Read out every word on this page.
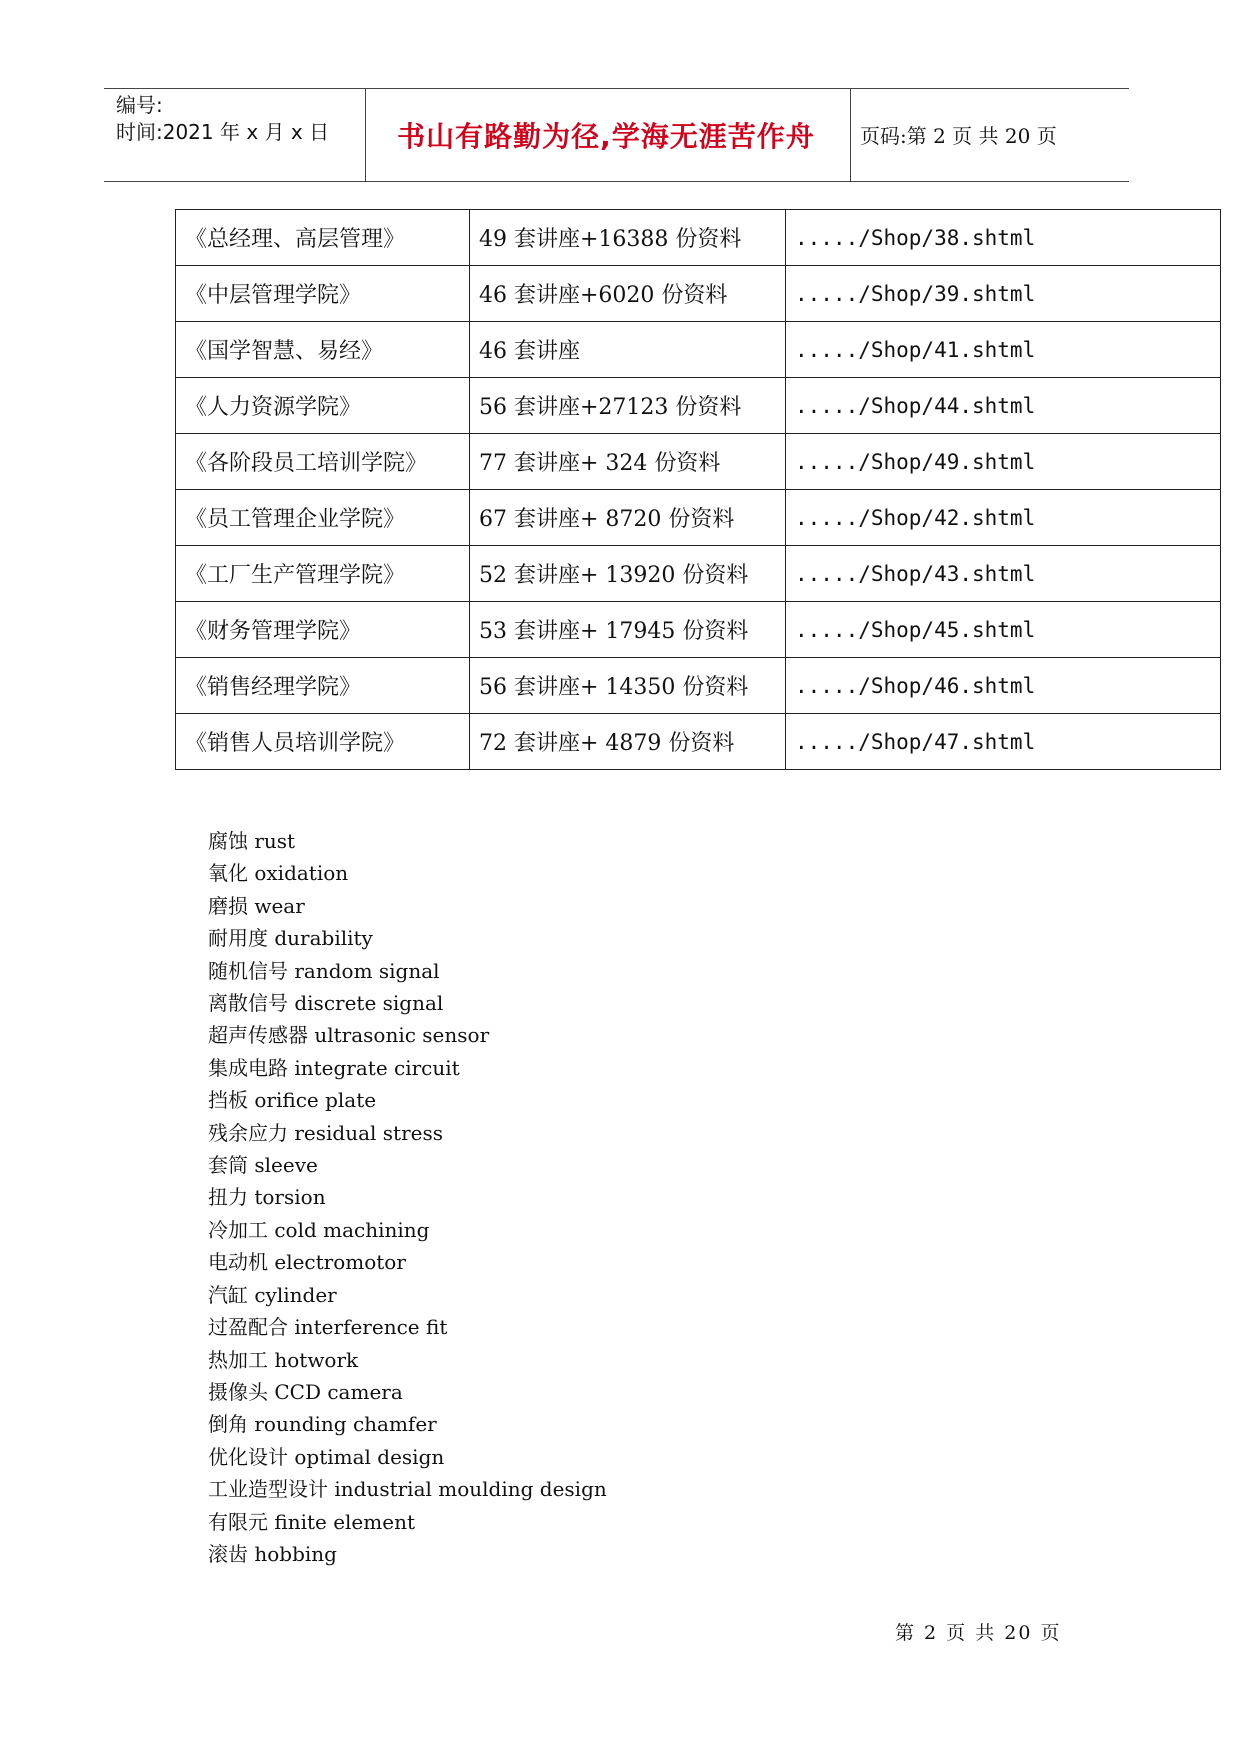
编号:
时间:2021 年 x 月 x 日	书山有路勤为径,学海无涯苦作舟	页码:第 2 页 共 20 页
《总经理、高层管理》	49 套讲座+16388 份资料	...../Shop/38.shtml
《中层管理学院》	46 套讲座+6020 份资料	...../Shop/39.shtml
《国学智慧、易经》	46 套讲座	...../Shop/41.shtml
《人力资源学院》	56 套讲座+27123 份资料	...../Shop/44.shtml
《各阶段员工培训学院》	77 套讲座+ 324 份资料	...../Shop/49.shtml
《员工管理企业学院》	67 套讲座+ 8720 份资料	...../Shop/42.shtml
《工厂生产管理学院》	52 套讲座+ 13920 份资料	...../Shop/43.shtml
《财务管理学院》	53 套讲座+ 17945 份资料	...../Shop/45.shtml
《销售经理学院》	56 套讲座+ 14350 份资料	...../Shop/46.shtml
《销售人员培训学院》	72 套讲座+ 4879 份资料	...../Shop/47.shtml
腐蚀 rust
氧化 oxidation
磨损 wear
耐用度 durability
随机信号 random signal
离散信号 discrete signal
超声传感器 ultrasonic sensor
集成电路 integrate circuit
挡板 orifice plate
残余应力 residual stress
套筒 sleeve
扭力 torsion
冷加工 cold machining
电动机 electromotor
汽缸 cylinder
过盈配合 interference fit
热加工 hotwork
摄像头 CCD camera
倒角 rounding chamfer
优化设计 optimal design
工业造型设计 industrial moulding design
有限元 finite element
滚齿 hobbing
第 2 页 共 20 页
